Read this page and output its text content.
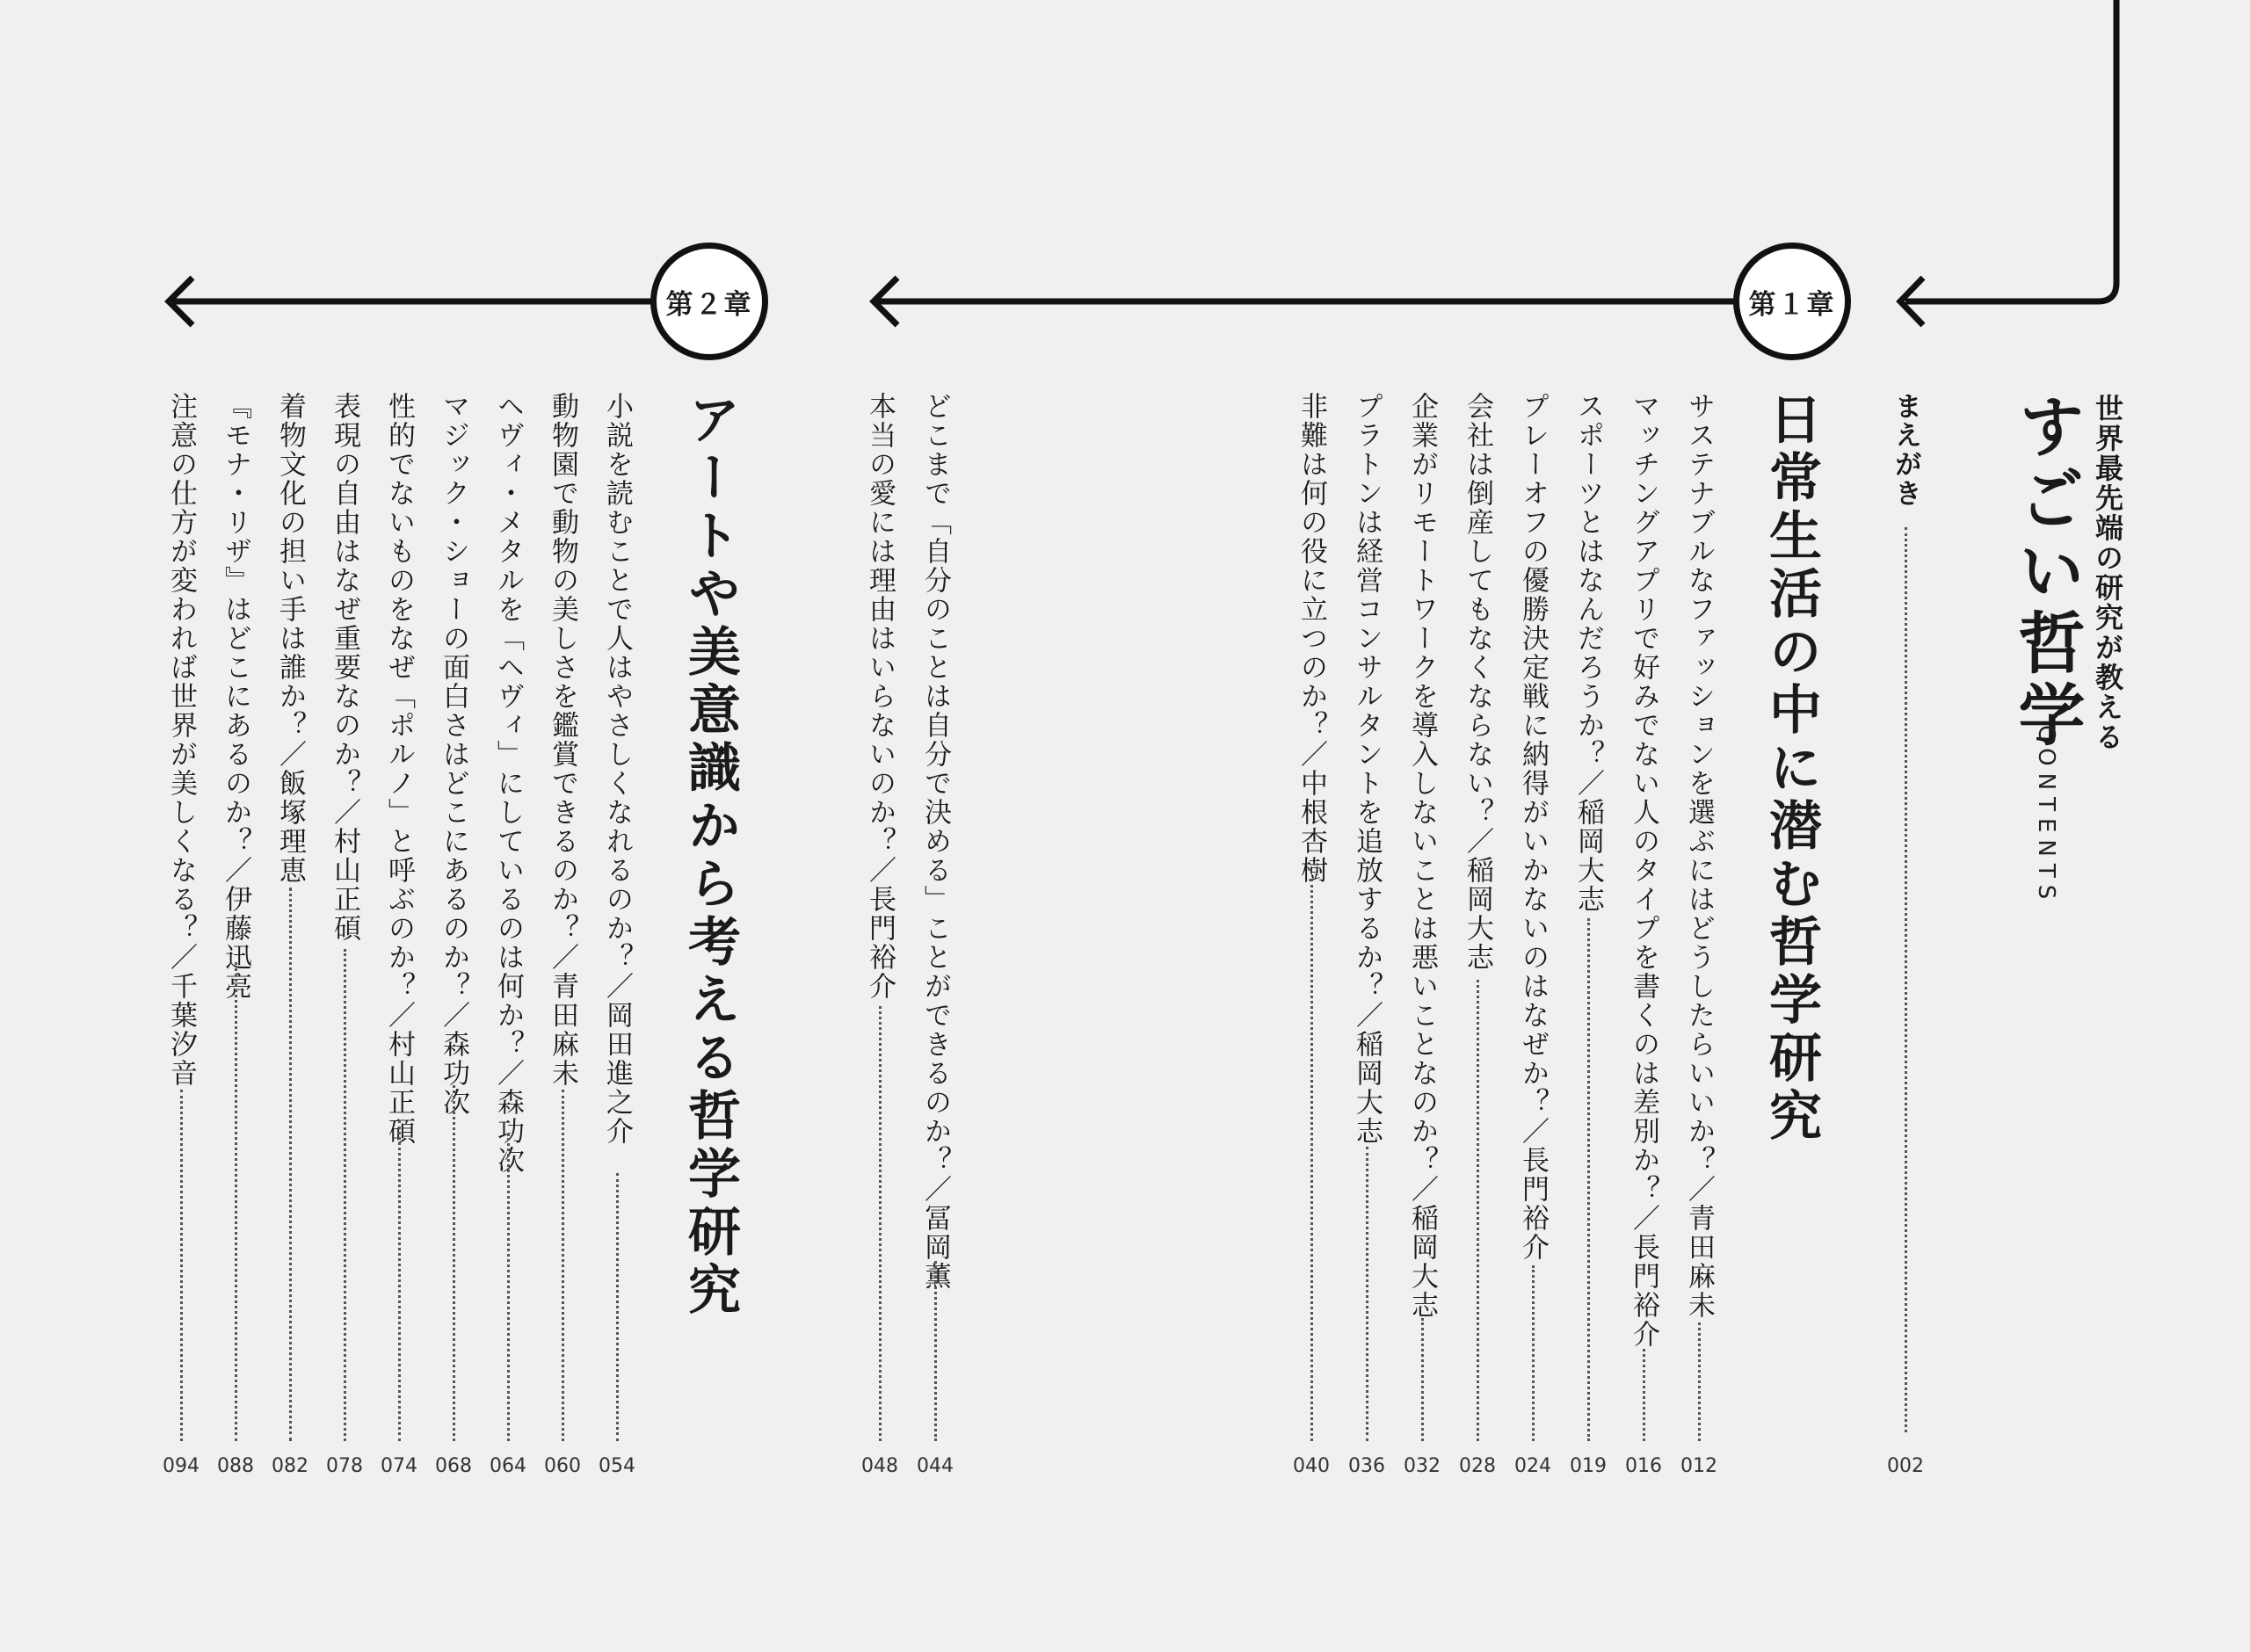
第１章
第２章
世界最先端の研究が教える
すごい哲学
CONTENTS
まえがき
002
日常生活の中に潜む哲学研究
サステナブルなファッションを選ぶにはどうしたらいいか？／青田麻未
012
マッチングアプリで好みでない人のタイプを書くのは差別か？／長門裕介
016
スポーツとはなんだろうか？／稲岡大志
019
プレーオフの優勝決定戦に納得がいかないのはなぜか？／長門裕介
024
会社は倒産してもなくならない？／稲岡大志
028
企業がリモートワークを導入しないことは悪いことなのか？／稲岡大志
032
プラトンは経営コンサルタントを追放するか？／稲岡大志
036
非難は何の役に立つのか？／中根杏樹
040
どこまで「自分のことは自分で決める」ことができるのか？／冨岡薫
044
本当の愛には理由はいらないのか？／長門裕介
048
アートや美意識から考える哲学研究
小説を読むことで人はやさしくなれるのか？／岡田進之介
054
動物園で動物の美しさを鑑賞できるのか？／青田麻未
060
ヘヴィ・メタルを「ヘヴィ」にしているのは何か？／森功次
064
マジック・ショーの面白さはどこにあるのか？／森功次
068
性的でないものをなぜ「ポルノ」と呼ぶのか？／村山正碩
074
表現の自由はなぜ重要なのか？／村山正碩
078
着物文化の担い手は誰か？／飯塚理恵
082
『モナ・リザ』はどこにあるのか？／伊藤迅亮
088
注意の仕方が変われば世界が美しくなる？／千葉汐音
094
